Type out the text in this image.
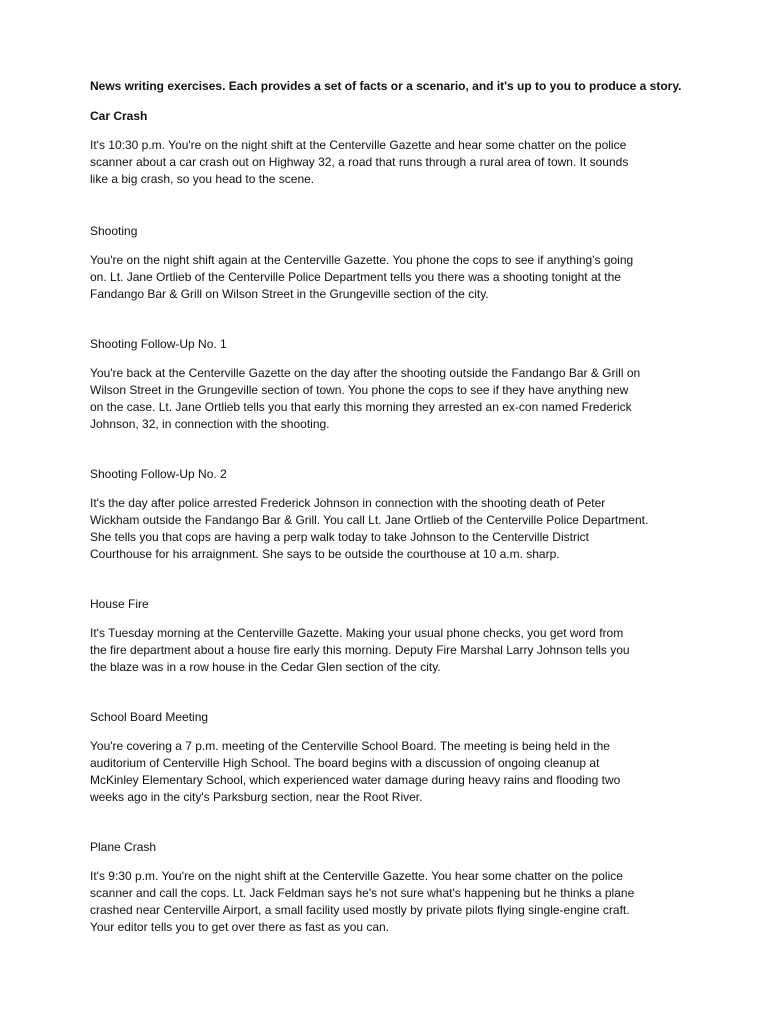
News writing exercises. Each provides a set of facts or a scenario, and it's up to you to produce a story.

Car Crash

It's 10:30 p.m. You're on the night shift at the Centerville Gazette and hear some chatter on the police
scanner about a car crash out on Highway 32, a road that runs through a rural area of town. It sounds
like a big crash, so you head to the scene.

Shooting

You're on the night shift again at the Centerville Gazette. You phone the cops to see if anything's going
on. Lt. Jane Ortlieb of the Centerville Police Department tells you there was a shooting tonight at the
Fandango Bar & Grill on Wilson Street in the Grungeville section of the city.

Shooting Follow-Up No. 1

You're back at the Centerville Gazette on the day after the shooting outside the Fandango Bar & Grill on
Wilson Street in the Grungeville section of town. You phone the cops to see if they have anything new
on the case. Lt. Jane Ortlieb tells you that early this morning they arrested an ex-con named Frederick
Johnson, 32, in connection with the shooting.

Shooting Follow-Up No. 2

It's the day after police arrested Frederick Johnson in connection with the shooting death of Peter
Wickham outside the Fandango Bar & Grill. You call Lt. Jane Ortlieb of the Centerville Police Department.
She tells you that cops are having a perp walk today to take Johnson to the Centerville District
Courthouse for his arraignment. She says to be outside the courthouse at 10 a.m. sharp.

House Fire

It's Tuesday morning at the Centerville Gazette. Making your usual phone checks, you get word from
the fire department about a house fire early this morning. Deputy Fire Marshal Larry Johnson tells you
the blaze was in a row house in the Cedar Glen section of the city.

School Board Meeting

You're covering a 7 p.m. meeting of the Centerville School Board. The meeting is being held in the
auditorium of Centerville High School. The board begins with a discussion of ongoing cleanup at
McKinley Elementary School, which experienced water damage during heavy rains and flooding two
weeks ago in the city's Parksburg section, near the Root River.

Plane Crash

It's 9:30 p.m. You're on the night shift at the Centerville Gazette. You hear some chatter on the police
scanner and call the cops. Lt. Jack Feldman says he's not sure what's happening but he thinks a plane
crashed near Centerville Airport, a small facility used mostly by private pilots flying single-engine craft.
Your editor tells you to get over there as fast as you can.
